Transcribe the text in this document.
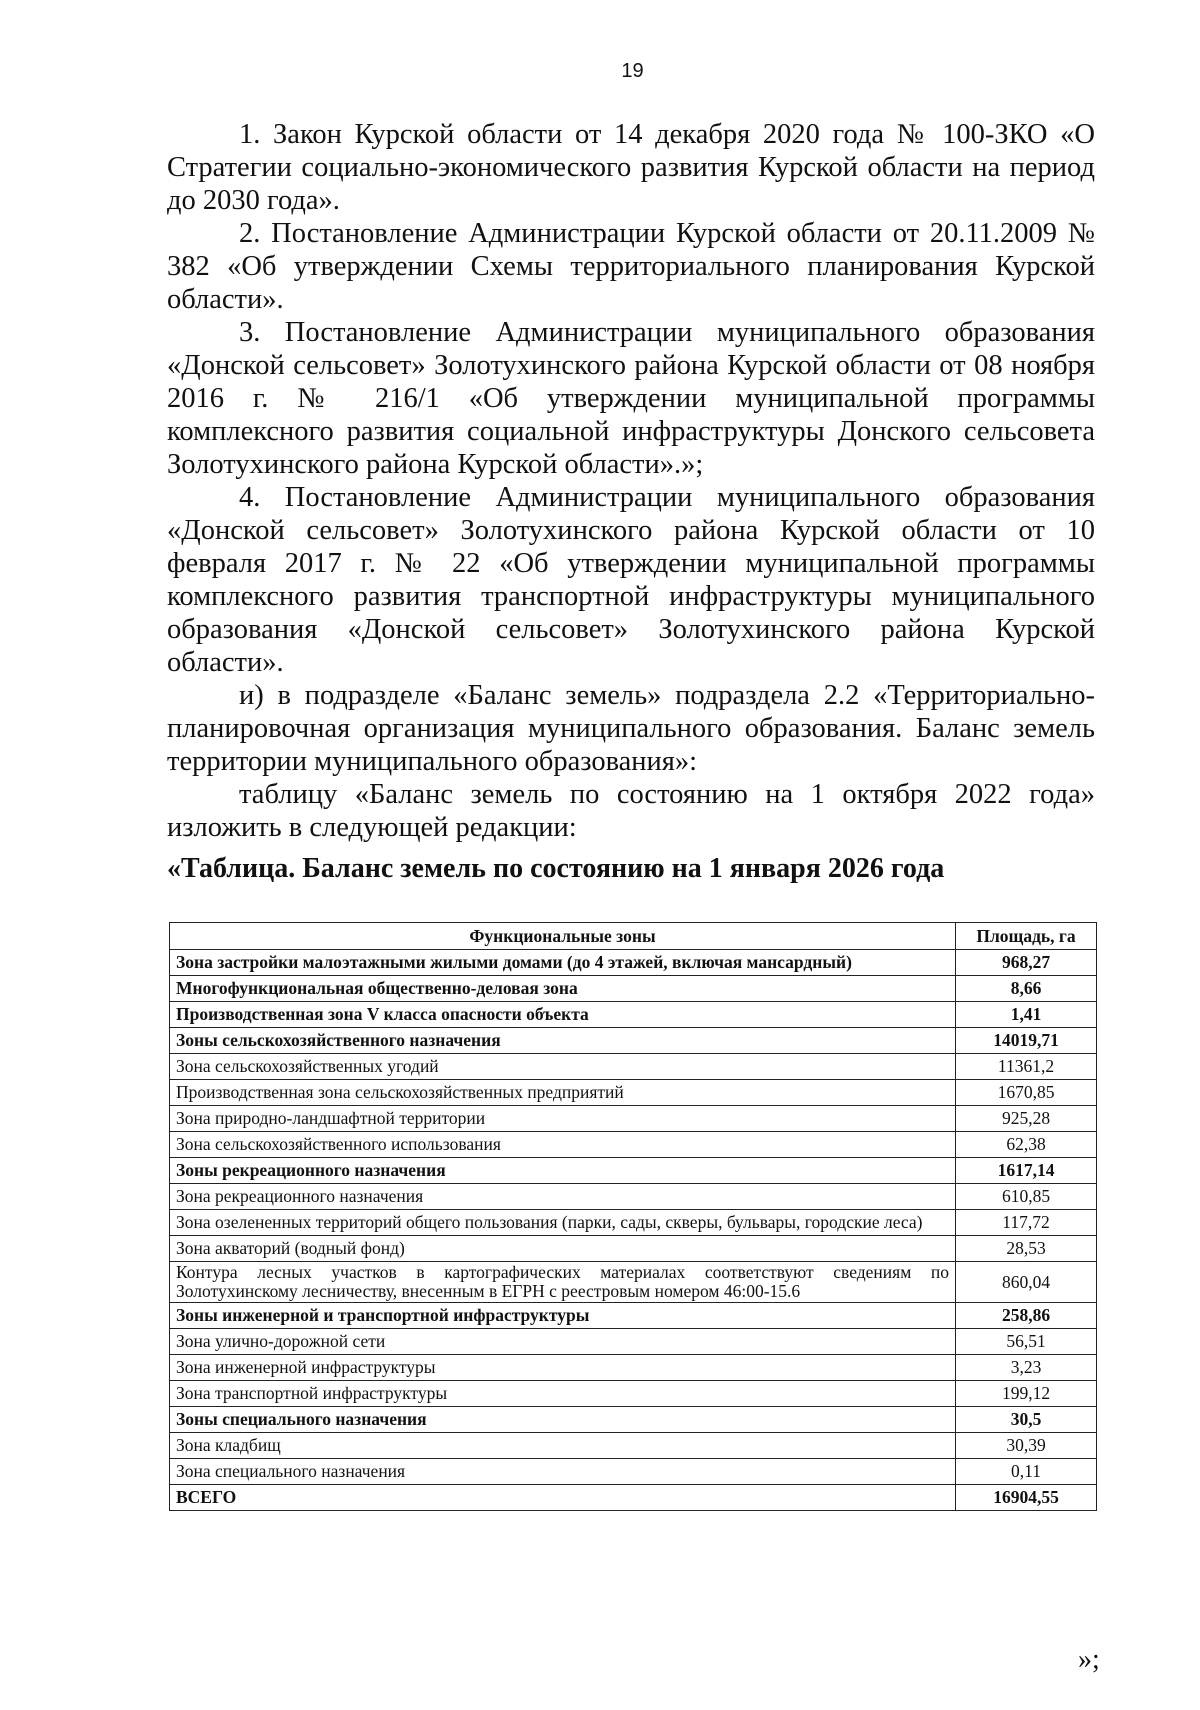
19

1. Закон Курской области от 14 декабря 2020 года № 100-ЗКО «О Стратегии социально-экономического развития Курской области на период до 2030 года».

2. Постановление Администрации Курской области от 20.11.2009 № 382 «Об утверждении Схемы территориального планирования Курской области».

3. Постановление Администрации муниципального образования «Донской сельсовет» Золотухинского района Курской области от 08 ноября 2016 г. № 216/1 «Об утверждении муниципальной программы комплексного развития социальной инфраструктуры Донского сельсовета Золотухинского района Курской области».»;

4. Постановление Администрации муниципального образования «Донской сельсовет» Золотухинского района Курской области от 10 февраля 2017 г. № 22 «Об утверждении муниципальной программы комплексного развития транспортной инфраструктуры муниципального образования «Донской сельсовет» Золотухинского района Курской области».

и) в подразделе «Баланс земель» подраздела 2.2 «Территориально-планировочная организация муниципального образования. Баланс земель территории муниципального образования»:

таблицу «Баланс земель по состоянию на 1 октября 2022 года» изложить в следующей редакции:

«Таблица. Баланс земель по состоянию на 1 января 2026 года
Функциональные зоны	Площадь, га
Зона застройки малоэтажными жилыми домами (до 4 этажей, включая мансардный)	968,27
Многофункциональная общественно-деловая зона	8,66
Производственная зона V класса опасности объекта	1,41
Зоны сельскохозяйственного назначения	14019,71
Зона сельскохозяйственных угодий	11361,2
Производственная зона сельскохозяйственных предприятий	1670,85
Зона природно-ландшафтной территории	925,28
Зона сельскохозяйственного использования	62,38
Зоны рекреационного назначения	1617,14
Зона рекреационного назначения	610,85
Зона озелененных территорий общего пользования (парки, сады, скверы, бульвары, городские леса)	117,72
Зона акваторий (водный фонд)	28,53
Контура лесных участков в картографических материалах соответствуют сведениям по Золотухинскому лесничеству, внесенным в ЕГРН с реестровым номером 46:00-15.6	860,04
Зоны инженерной и транспортной инфраструктуры	258,86
Зона улично-дорожной сети	56,51
Зона инженерной инфраструктуры	3,23
Зона транспортной инфраструктуры	199,12
Зоны специального назначения	30,5
Зона кладбищ	30,39
Зона специального назначения	0,11
ВСЕГО	16904,55
»;
